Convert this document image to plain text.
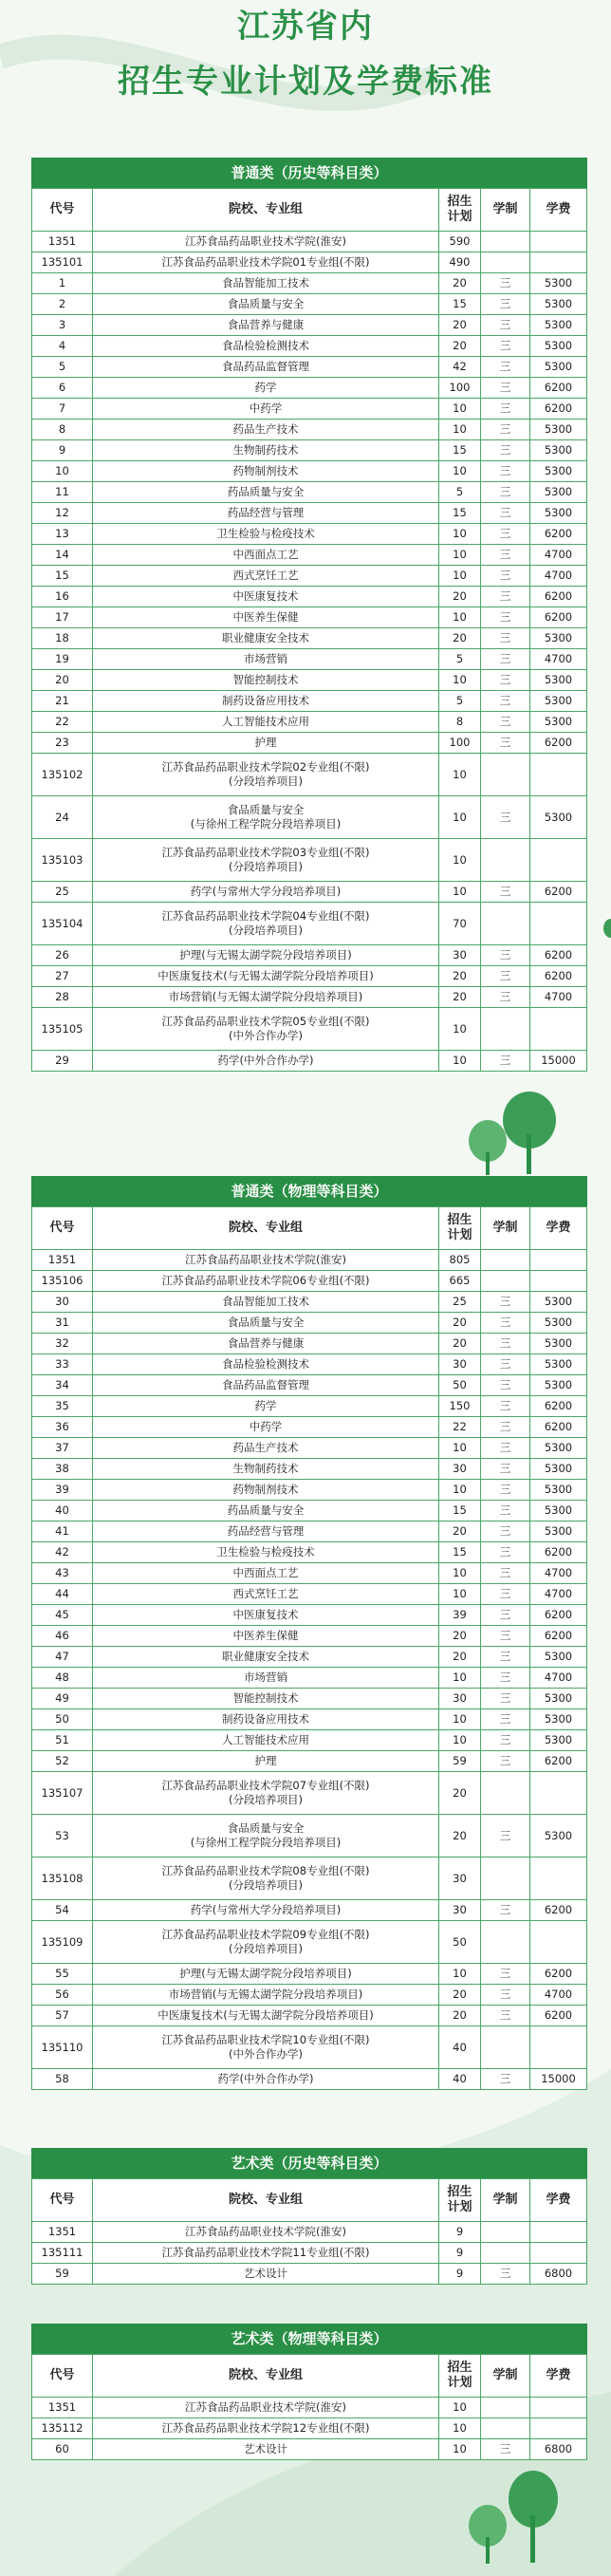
江苏省内
招生专业计划及学费标准
普通类（历史等科目类）
代号	院校、专业组	招生
计划	学制	学费
1351	江苏食品药品职业技术学院(淮安)	590		
135101	江苏食品药品职业技术学院01专业组(不限)	490		
1	食品智能加工技术	20	三	5300
2	食品质量与安全	15	三	5300
3	食品营养与健康	20	三	5300
4	食品检验检测技术	20	三	5300
5	食品药品监督管理	42	三	5300
6	药学	100	三	6200
7	中药学	10	三	6200
8	药品生产技术	10	三	5300
9	生物制药技术	15	三	5300
10	药物制剂技术	10	三	5300
11	药品质量与安全	5	三	5300
12	药品经营与管理	15	三	5300
13	卫生检验与检疫技术	10	三	6200
14	中西面点工艺	10	三	4700
15	西式烹饪工艺	10	三	4700
16	中医康复技术	20	三	6200
17	中医养生保健	10	三	6200
18	职业健康安全技术	20	三	5300
19	市场营销	5	三	4700
20	智能控制技术	10	三	5300
21	制药设备应用技术	5	三	5300
22	人工智能技术应用	8	三	5300
23	护理	100	三	6200
135102	江苏食品药品职业技术学院02专业组(不限)
(分段培养项目)	10		
24	食品质量与安全
(与徐州工程学院分段培养项目)	10	三	5300
135103	江苏食品药品职业技术学院03专业组(不限)
(分段培养项目)	10		
25	药学(与常州大学分段培养项目)	10	三	6200
135104	江苏食品药品职业技术学院04专业组(不限)
(分段培养项目)	70		
26	护理(与无锡太湖学院分段培养项目)	30	三	6200
27	中医康复技术(与无锡太湖学院分段培养项目)	20	三	6200
28	市场营销(与无锡太湖学院分段培养项目)	20	三	4700
135105	江苏食品药品职业技术学院05专业组(不限)
(中外合作办学)	10		
29	药学(中外合作办学)	10	三	15000
普通类（物理等科目类）
代号	院校、专业组	招生
计划	学制	学费
1351	江苏食品药品职业技术学院(淮安)	805		
135106	江苏食品药品职业技术学院06专业组(不限)	665		
30	食品智能加工技术	25	三	5300
31	食品质量与安全	20	三	5300
32	食品营养与健康	20	三	5300
33	食品检验检测技术	30	三	5300
34	食品药品监督管理	50	三	5300
35	药学	150	三	6200
36	中药学	22	三	6200
37	药品生产技术	10	三	5300
38	生物制药技术	30	三	5300
39	药物制剂技术	10	三	5300
40	药品质量与安全	15	三	5300
41	药品经营与管理	20	三	5300
42	卫生检验与检疫技术	15	三	6200
43	中西面点工艺	10	三	4700
44	西式烹饪工艺	10	三	4700
45	中医康复技术	39	三	6200
46	中医养生保健	20	三	6200
47	职业健康安全技术	20	三	5300
48	市场营销	10	三	4700
49	智能控制技术	30	三	5300
50	制药设备应用技术	10	三	5300
51	人工智能技术应用	10	三	5300
52	护理	59	三	6200
135107	江苏食品药品职业技术学院07专业组(不限)
(分段培养项目)	20		
53	食品质量与安全
(与徐州工程学院分段培养项目)	20	三	5300
135108	江苏食品药品职业技术学院08专业组(不限)
(分段培养项目)	30		
54	药学(与常州大学分段培养项目)	30	三	6200
135109	江苏食品药品职业技术学院09专业组(不限)
(分段培养项目)	50		
55	护理(与无锡太湖学院分段培养项目)	10	三	6200
56	市场营销(与无锡太湖学院分段培养项目)	20	三	4700
57	中医康复技术(与无锡太湖学院分段培养项目)	20	三	6200
135110	江苏食品药品职业技术学院10专业组(不限)
(中外合作办学)	40		
58	药学(中外合作办学)	40	三	15000
艺术类（历史等科目类）
代号	院校、专业组	招生
计划	学制	学费
1351	江苏食品药品职业技术学院(淮安)	9		
135111	江苏食品药品职业技术学院11专业组(不限)	9		
59	艺术设计	9	三	6800
艺术类（物理等科目类）
代号	院校、专业组	招生
计划	学制	学费
1351	江苏食品药品职业技术学院(淮安)	10		
135112	江苏食品药品职业技术学院12专业组(不限)	10		
60	艺术设计	10	三	6800
